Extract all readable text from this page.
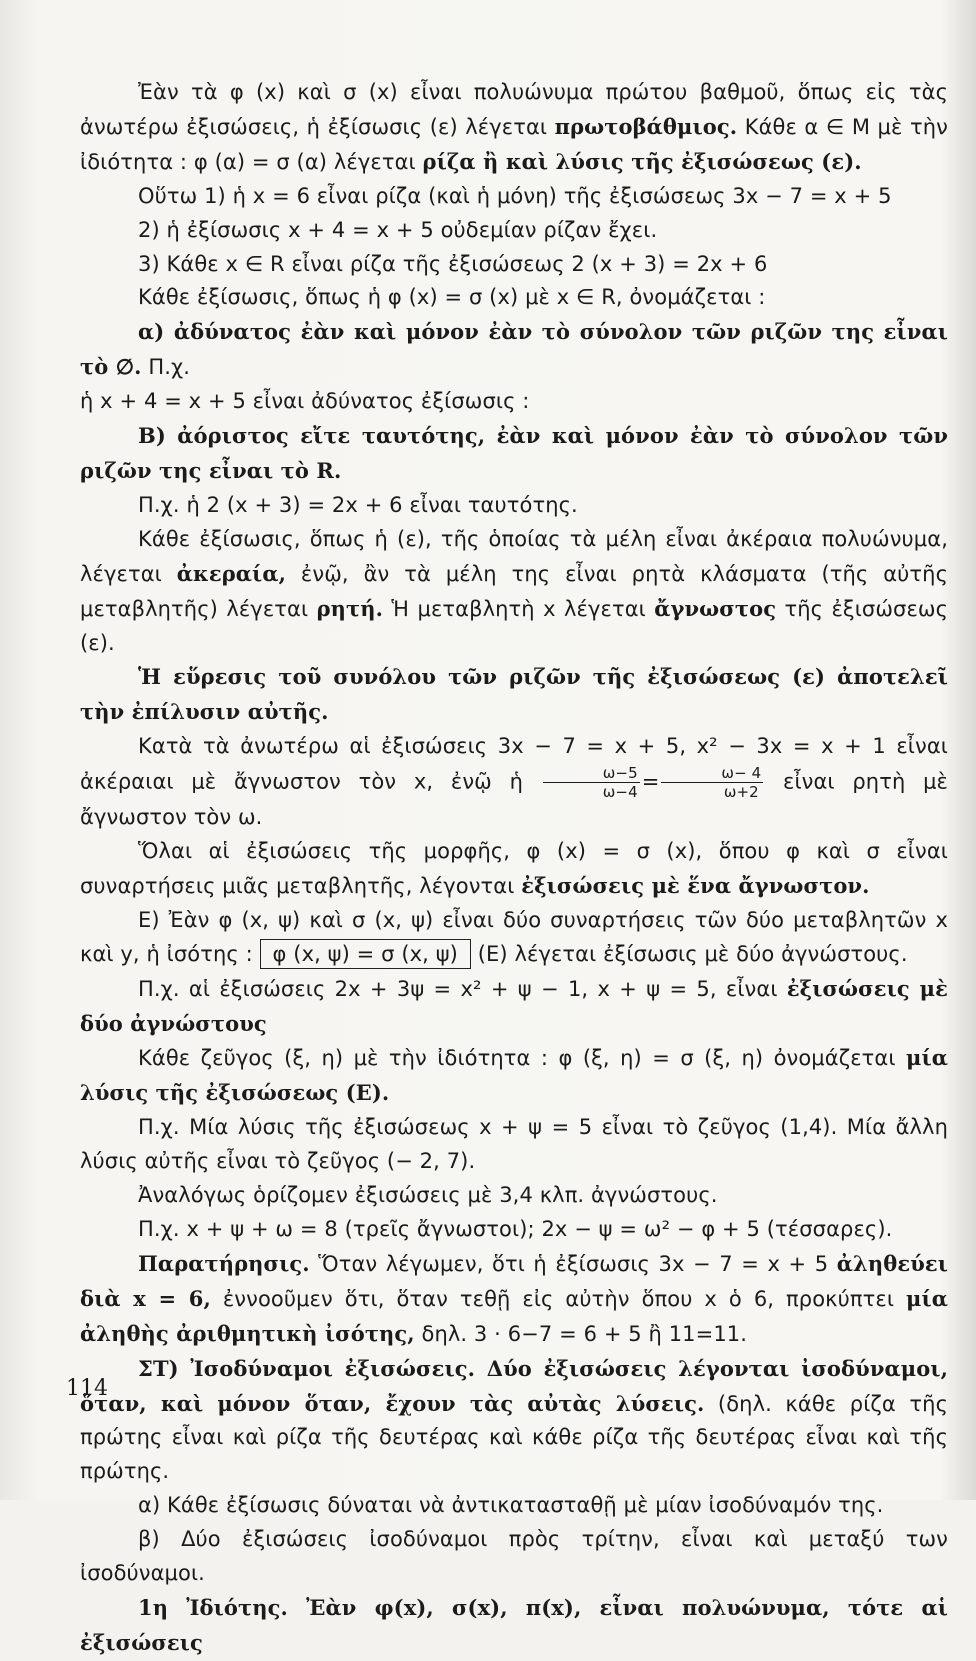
Ἐὰν τὰ φ (x) καὶ σ (x) εἶναι πολυώνυμα πρώτου βαθμοῦ, ὅπως εἰς τὰς ἀνωτέρω ἐξισώσεις, ἡ ἐξίσωσις (ε) λέγεται πρωτοβάθμιος. Κάθε α ∈ Μ μὲ τὴν ἰδιότητα : φ (α) = σ (α) λέγεται ρίζα ἢ καὶ λύσις τῆς ἐξισώσεως (ε).

Οὕτω 1) ἡ x = 6 εἶναι ρίζα (καὶ ἡ μόνη) τῆς ἐξισώσεως 3x − 7 = x + 5

2) ἡ ἐξίσωσις x + 4 = x + 5 οὐδεμίαν ρίζαν ἔχει.

3) Κάθε x ∈ R εἶναι ρίζα τῆς ἐξισώσεως 2 (x + 3) = 2x + 6

Κάθε ἐξίσωσις, ὅπως ἡ φ (x) = σ (x) μὲ x ∈ R, ὀνομάζεται :

α) ἀδύνατος ἐὰν καὶ μόνον ἐὰν τὸ σύνολον τῶν ριζῶν της εἶναι τὸ ∅. Π.χ.

ἡ x + 4 = x + 5 εἶναι ἀδύνατος ἐξίσωσις :

Β) ἀόριστος εἴτε ταυτότης, ἐὰν καὶ μόνον ἐὰν τὸ σύνολον τῶν ριζῶν της εἶναι τὸ R.

Π.χ. ἡ 2 (x + 3) = 2x + 6 εἶναι ταυτότης.

Κάθε ἐξίσωσις, ὅπως ἡ (ε), τῆς ὁποίας τὰ μέλη εἶναι ἀκέραια πολυώνυμα, λέγεται ἀκεραία, ἐνῷ, ἂν τὰ μέλη της εἶναι ρητὰ κλάσματα (τῆς αὐτῆς μεταβλητῆς) λέγεται ρητή. Ἡ μεταβλητὴ x λέγεται ἄγνωστος τῆς ἐξισώσεως (ε).

Ἡ εὕρεσις τοῦ συνόλου τῶν ριζῶν τῆς ἐξισώσεως (ε) ἀποτελεῖ τὴν ἐπίλυσιν αὐτῆς.

Κατὰ τὰ ἀνωτέρω αἱ ἐξισώσεις 3x − 7 = x + 5, x² − 3x = x + 1 εἶναι ἀκέραιαι μὲ ἄγνωστον τὸν x, ἐνῷ ἡ $\frac{\omega-5}{\omega-4} = \frac{\omega- 4}{\omega+2}$ εἶναι ρητὴ μὲ ἄγνωστον τὸν ω.

Ὅλαι αἱ ἐξισώσεις τῆς μορφῆς, φ (x) = σ (x), ὅπου φ καὶ σ εἶναι συναρτήσεις μιᾶς μεταβλητῆς, λέγονται ἐξισώσεις μὲ ἕνα ἄγνωστον.

Ε) Ἐὰν φ (x, ψ) καὶ σ (x, ψ) εἶναι δύο συναρτήσεις τῶν δύο μεταβλητῶν x καὶ y, ἡ ἰσότης : φ (x, ψ) = σ (x, ψ) (Ε) λέγεται ἐξίσωσις μὲ δύο ἀγνώστους.

Π.χ. αἱ ἐξισώσεις 2x + 3ψ = x² + ψ − 1, x + ψ = 5, εἶναι ἐξισώσεις μὲ δύο ἀγνώστους

Κάθε ζεῦγος (ξ, η) μὲ τὴν ἰδιότητα : φ (ξ, η) = σ (ξ, η) ὀνομάζεται μία λύσις τῆς ἐξισώσεως (Ε).

Π.χ. Μία λύσις τῆς ἐξισώσεως x + ψ = 5 εἶναι τὸ ζεῦγος (1,4). Μία ἄλλη λύσις αὐτῆς εἶναι τὸ ζεῦγος (− 2, 7).

Ἀναλόγως ὁρίζομεν ἐξισώσεις μὲ 3,4 κλπ. ἀγνώστους.

Π.χ. x + ψ + ω = 8 (τρεῖς ἄγνωστοι); 2x − ψ = ω² − φ + 5 (τέσσαρες).

Παρατήρησις. Ὅταν λέγωμεν, ὅτι ἡ ἐξίσωσις 3x − 7 = x + 5 ἀληθεύει διὰ x = 6, ἐννοοῦμεν ὅτι, ὅταν τεθῇ εἰς αὐτὴν ὅπου x ὁ 6, προκύπτει μία ἀληθὴς ἀριθμητικὴ ἰσότης, δηλ. 3 · 6−7 = 6 + 5 ἢ 11=11.

ΣΤ) Ἰσοδύναμοι ἐξισώσεις. Δύο ἐξισώσεις λέγονται ἰσοδύναμοι, ὅταν, καὶ μόνον ὅταν, ἔχουν τὰς αὐτὰς λύσεις. (δηλ. κάθε ρίζα τῆς πρώτης εἶναι καὶ ρίζα τῆς δευτέρας καὶ κάθε ρίζα τῆς δευτέρας εἶναι καὶ τῆς πρώτης.

α) Κάθε ἐξίσωσις δύναται νὰ ἀντικατασταθῇ μὲ μίαν ἰσοδύναμόν της.

β) Δύο ἐξισώσεις ἰσοδύναμοι πρὸς τρίτην, εἶναι καὶ μεταξύ των ἰσοδύναμοι.

1η Ἰδιότης. Ἐὰν φ(x), σ(x), π(x), εἶναι πολυώνυμα, τότε αἱ ἐξισώσεις

114
